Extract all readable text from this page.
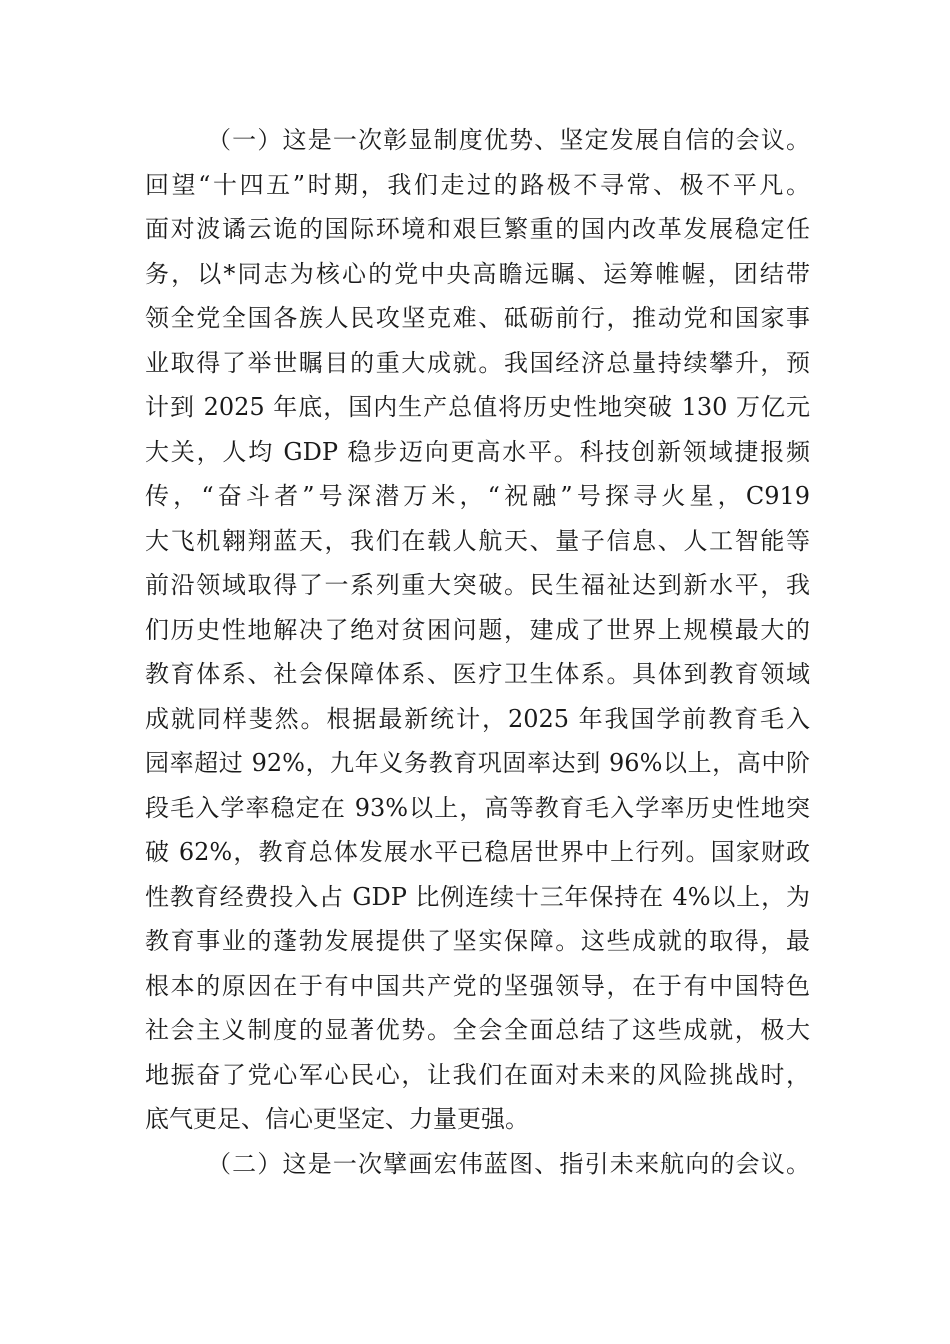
（一）这是一次彰显制度优势、坚定发展自信的会议。
回望“十四五”时期，我们走过的路极不寻常、极不平凡。
面对波谲云诡的国际环境和艰巨繁重的国内改革发展稳定任
务，以*同志为核心的党中央高瞻远瞩、运筹帷幄，团结带
领全党全国各族人民攻坚克难、砥砺前行，推动党和国家事
业取得了举世瞩目的重大成就。我国经济总量持续攀升，预
计到 2025 年底，国内生产总值将历史性地突破 130 万亿元
大关，人均 GDP 稳步迈向更高水平。科技创新领域捷报频
传，“奋斗者”号深潜万米，“祝融”号探寻火星，C919
大飞机翱翔蓝天，我们在载人航天、量子信息、人工智能等
前沿领域取得了一系列重大突破。民生福祉达到新水平，我
们历史性地解决了绝对贫困问题，建成了世界上规模最大的
教育体系、社会保障体系、医疗卫生体系。具体到教育领域
成就同样斐然。根据最新统计，2025 年我国学前教育毛入
园率超过 92%，九年义务教育巩固率达到 96%以上，高中阶
段毛入学率稳定在 93%以上，高等教育毛入学率历史性地突
破 62%，教育总体发展水平已稳居世界中上行列。国家财政
性教育经费投入占 GDP 比例连续十三年保持在 4%以上，为
教育事业的蓬勃发展提供了坚实保障。这些成就的取得，最
根本的原因在于有中国共产党的坚强领导，在于有中国特色
社会主义制度的显著优势。全会全面总结了这些成就，极大
地振奋了党心军心民心，让我们在面对未来的风险挑战时，
底气更足、信心更坚定、力量更强。
（二）这是一次擘画宏伟蓝图、指引未来航向的会议。
